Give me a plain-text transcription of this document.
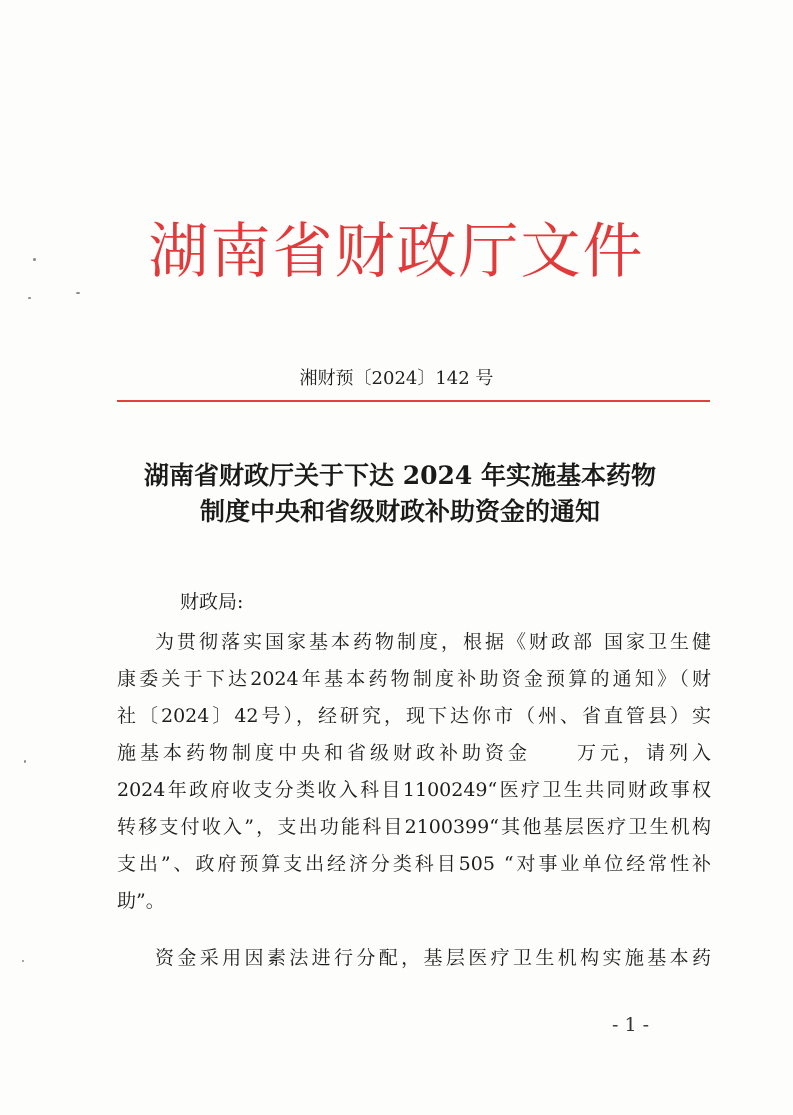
湖南省财政厅文件
湘财预〔2024〕142 号
湖南省财政厅关于下达 2024 年实施基本药物
制度中央和省级财政补助资金的通知
财政局:
为贯彻落实国家基本药物制度，根据《财政部 国家卫生健
康委关于下达2024年基本药物制度补助资金预算的通知》（财
社〔2024〕42号），经研究，现下达你市（州、省直管县）实
施基本药物制度中央和省级财政补助资金　　万元，请列入
2024年政府收支分类收入科目1100249“医疗卫生共同财政事权
转移支付收入”，支出功能科目2100399“其他基层医疗卫生机构
支出”、政府预算支出经济分类科目505 “对事业单位经常性补
助”。
资金采用因素法进行分配，基层医疗卫生机构实施基本药
- 1 -
